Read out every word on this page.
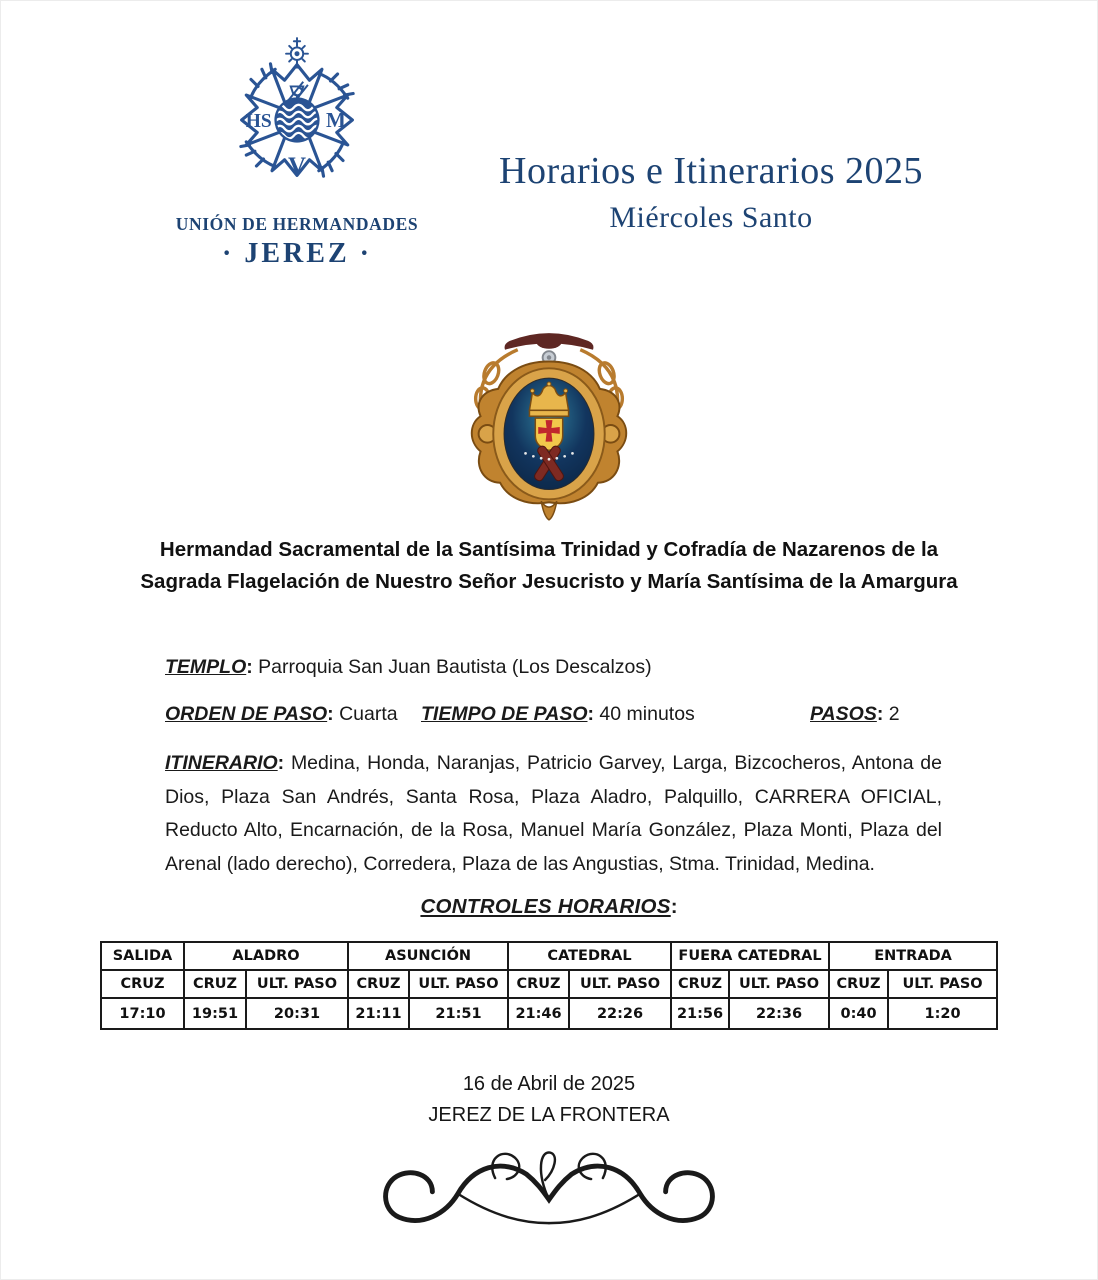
HS M
V
UNIÓN DE HERMANDADES
· JEREZ ·
Horarios e Itinerarios 2025
Miércoles Santo
Hermandad Sacramental de la Santísima Trinidad y Cofradía de Nazarenos de la Sagrada Flagelación de Nuestro Señor Jesucristo y María Santísima de la Amargura
TEMPLO: Parroquia San Juan Bautista (Los Descalzos)
ORDEN DE PASO: Cuarta TIEMPO DE PASO: 40 minutos	PASOS: 2
ITINERARIO: Medina, Honda, Naranjas, Patricio Garvey, Larga, Bizcocheros, Antona de Dios, Plaza San Andrés, Santa Rosa, Plaza Aladro, Palquillo, CARRERA OFICIAL, Reducto Alto, Encarnación, de la Rosa, Manuel María González, Plaza Monti, Plaza del Arenal (lado derecho), Corredera, Plaza de las Angustias, Stma. Trinidad, Medina.
CONTROLES HORARIOS:
SALIDA	ALADRO		ASUNCIÓN		CATEDRAL		FUERA CATEDRAL		ENTRADA	
CRUZ	CRUZ	ULT. PASO	CRUZ	ULT. PASO	CRUZ	ULT. PASO	CRUZ	ULT. PASO	CRUZ	ULT. PASO
17:10	19:51	20:31	21:11	21:51	21:46	22:26	21:56	22:36	0:40	1:20
16 de Abril de 2025
JEREZ DE LA FRONTERA
